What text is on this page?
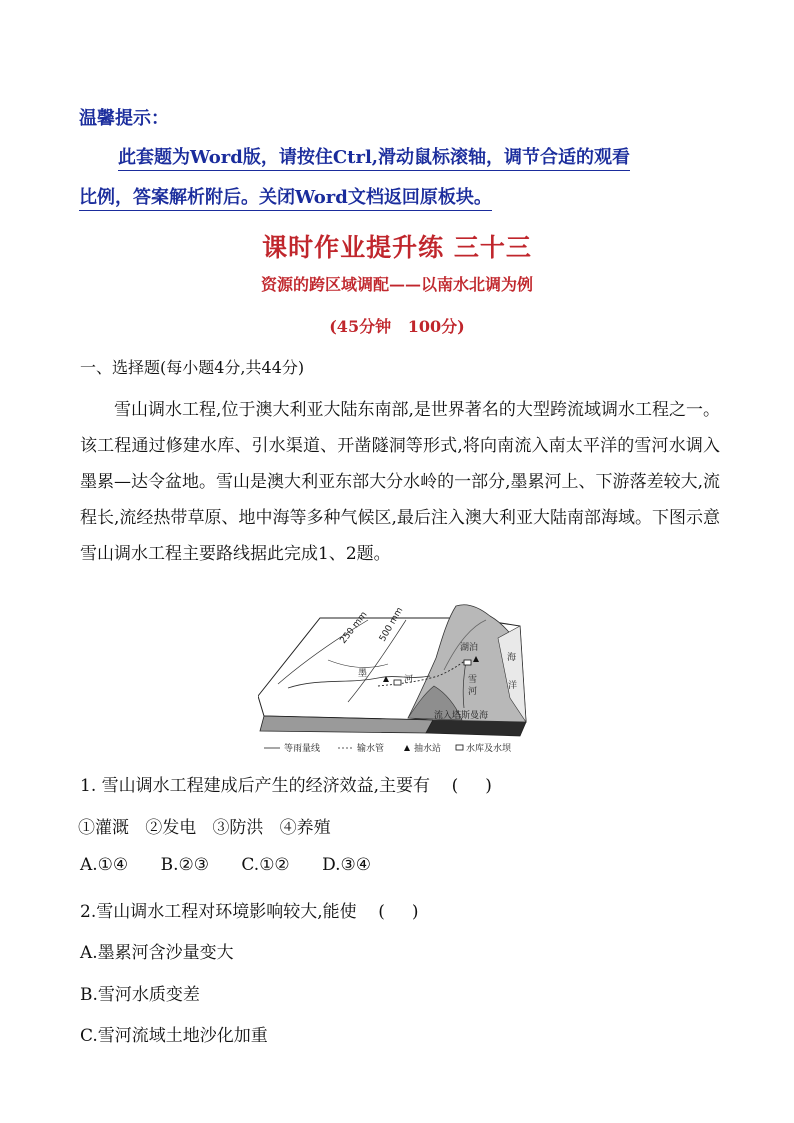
温馨提示：
此套题为Word版，请按住Ctrl,滑动鼠标滚轴，调节合适的观看
比例，答案解析附后。关闭Word文档返回原板块。
课时作业提升练 三十三
资源的跨区域调配——以南水北调为例
(45分钟   100分)
一、选择题(每小题4分,共44分)

雪山调水工程,位于澳大利亚大陆东南部,是世界著名的大型跨流域调水工程之一。该工程通过修建水库、引水渠道、开凿隧洞等形式,将向南流入南太平洋的雪河水调入墨累—达令盆地。雪山是澳大利亚东部大分水岭的一部分,墨累河上、下游落差较大,流程长,流经热带草原、地中海等多种气候区,最后注入澳大利亚大陆南部海域。下图示意雪山调水工程主要路线据此完成1、2题。

250 mm 500 mm
湖泊
墨
河	雪
河
海
洋
流入塔斯曼海
等雨量线	输水管	抽水站	水库及水坝
1. 雪山调水工程建成后产生的经济效益,主要有    (     )
①灌溉   ②发电   ③防洪   ④养殖
A.①④      B.②③      C.①②      D.③④
2.雪山调水工程对环境影响较大,能使    (     )
A.墨累河含沙量变大
B.雪河水质变差
C.雪河流域土地沙化加重
